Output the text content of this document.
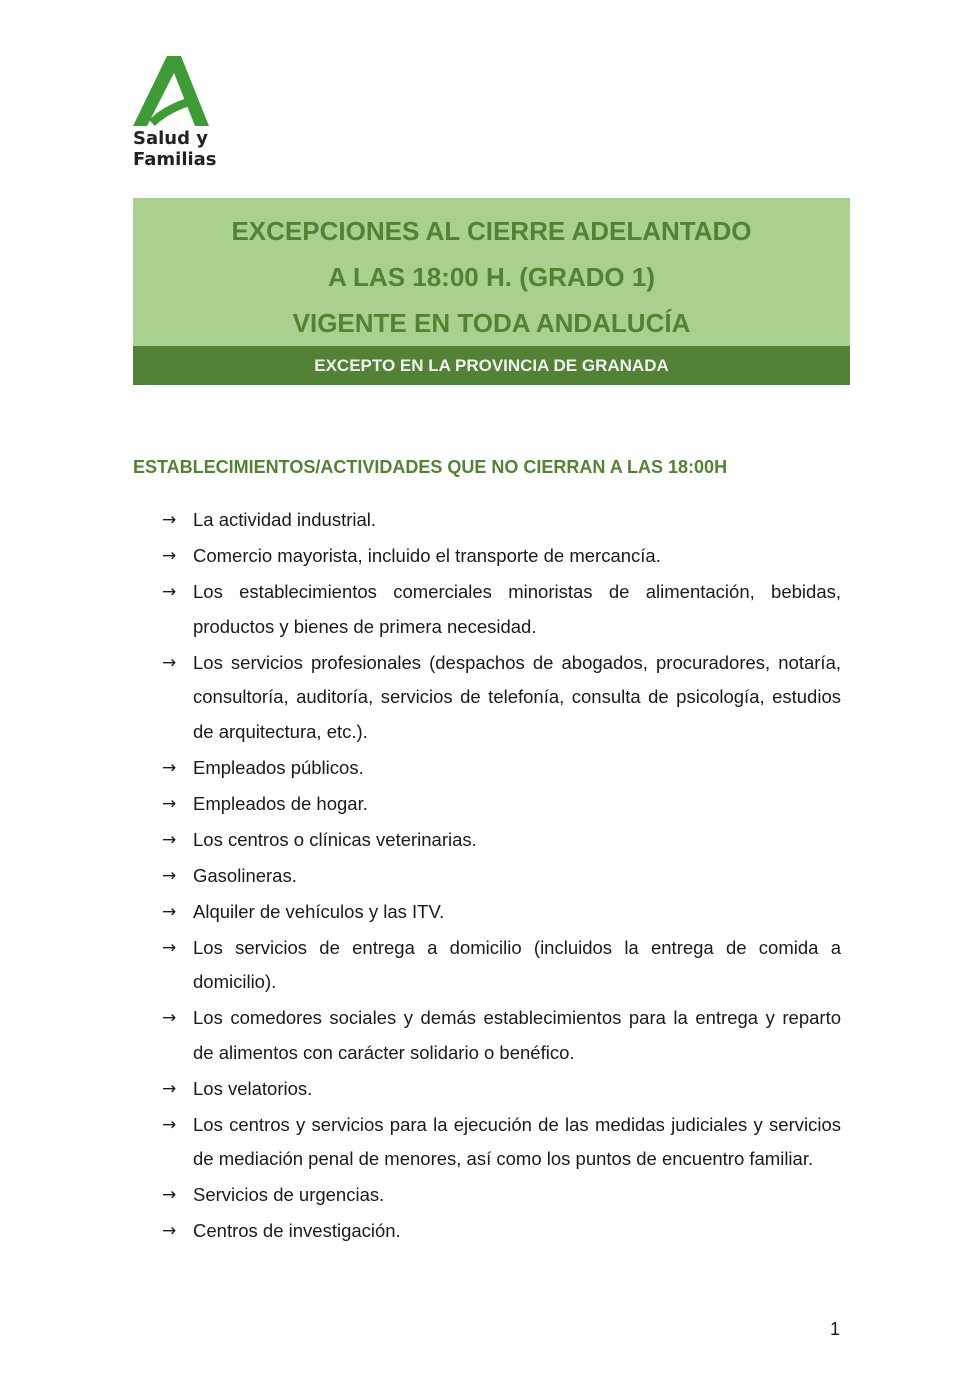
Salud y
Familias
EXCEPCIONES AL CIERRE ADELANTADO
A LAS 18:00 H. (GRADO 1)
VIGENTE EN TODA ANDALUCÍA
EXCEPTO EN LA PROVINCIA DE GRANADA
ESTABLECIMIENTOS/ACTIVIDADES QUE NO CIERRAN A LAS 18:00H
→ La actividad industrial.
→ Comercio mayorista, incluido el transporte de mercancía.
→ Los establecimientos comerciales minoristas de alimentación, bebidas, productos y bienes de primera necesidad.
→ Los servicios profesionales (despachos de abogados, procuradores, notaría, consultoría, auditoría, servicios de telefonía, consulta de psicología, estudios de arquitectura, etc.).
→ Empleados públicos.
→ Empleados de hogar.
→ Los centros o clínicas veterinarias.
→ Gasolineras.
→ Alquiler de vehículos y las ITV.
→ Los servicios de entrega a domicilio (incluidos la entrega de comida a domicilio).
→ Los comedores sociales y demás establecimientos para la entrega y reparto de alimentos con carácter solidario o benéfico.
→ Los velatorios.
→ Los centros y servicios para la ejecución de las medidas judiciales y servicios de mediación penal de menores, así como los puntos de encuentro familiar.
→ Servicios de urgencias.
→ Centros de investigación.
1
